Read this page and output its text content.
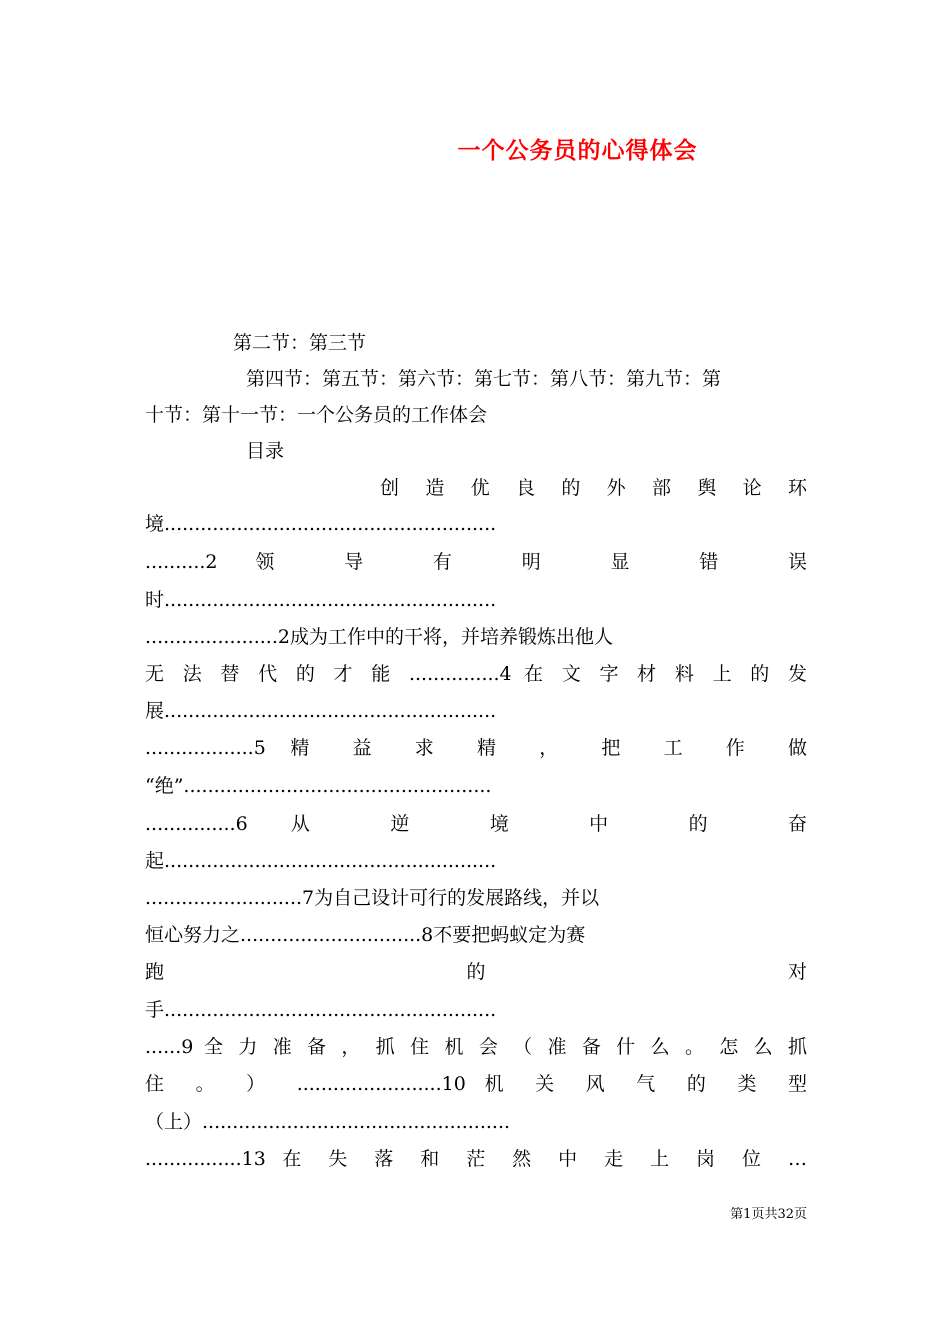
一个公务员的心得体会
第二节：第三节
第四节：第五节：第六节：第七节：第八节：第九节：第
十节：第十一节：一个公务员的工作体会
目录
创 造 优 良 的 外 部 舆 论 环
境.......................................................
..........2 领 导 有 明 显 错 误
时.......................................................
......................2成为工作中的干将，并培养锻炼出他人
无 法 替 代 的 才 能 ...............4 在 文 字 材 料 上 的 发
展.......................................................
..................5 精 益 求 精 ， 把 工 作 做
“绝”...................................................
...............6 从 逆 境 中 的 奋
起.......................................................
..........................7为自己设计可行的发展路线，并以
恒心努力之..............................8不要把蚂蚁定为赛
跑 的 对
手.......................................................
......9 全 力 准 备 ， 抓 住 机 会 （ 准 备 什 么 。 怎 么 抓
住 。 ） ........................10 机 关 风 气 的 类 型
（上）...................................................
................13 在 失 落 和 茫 然 中 走 上 岗 位 …
第1页共32页
